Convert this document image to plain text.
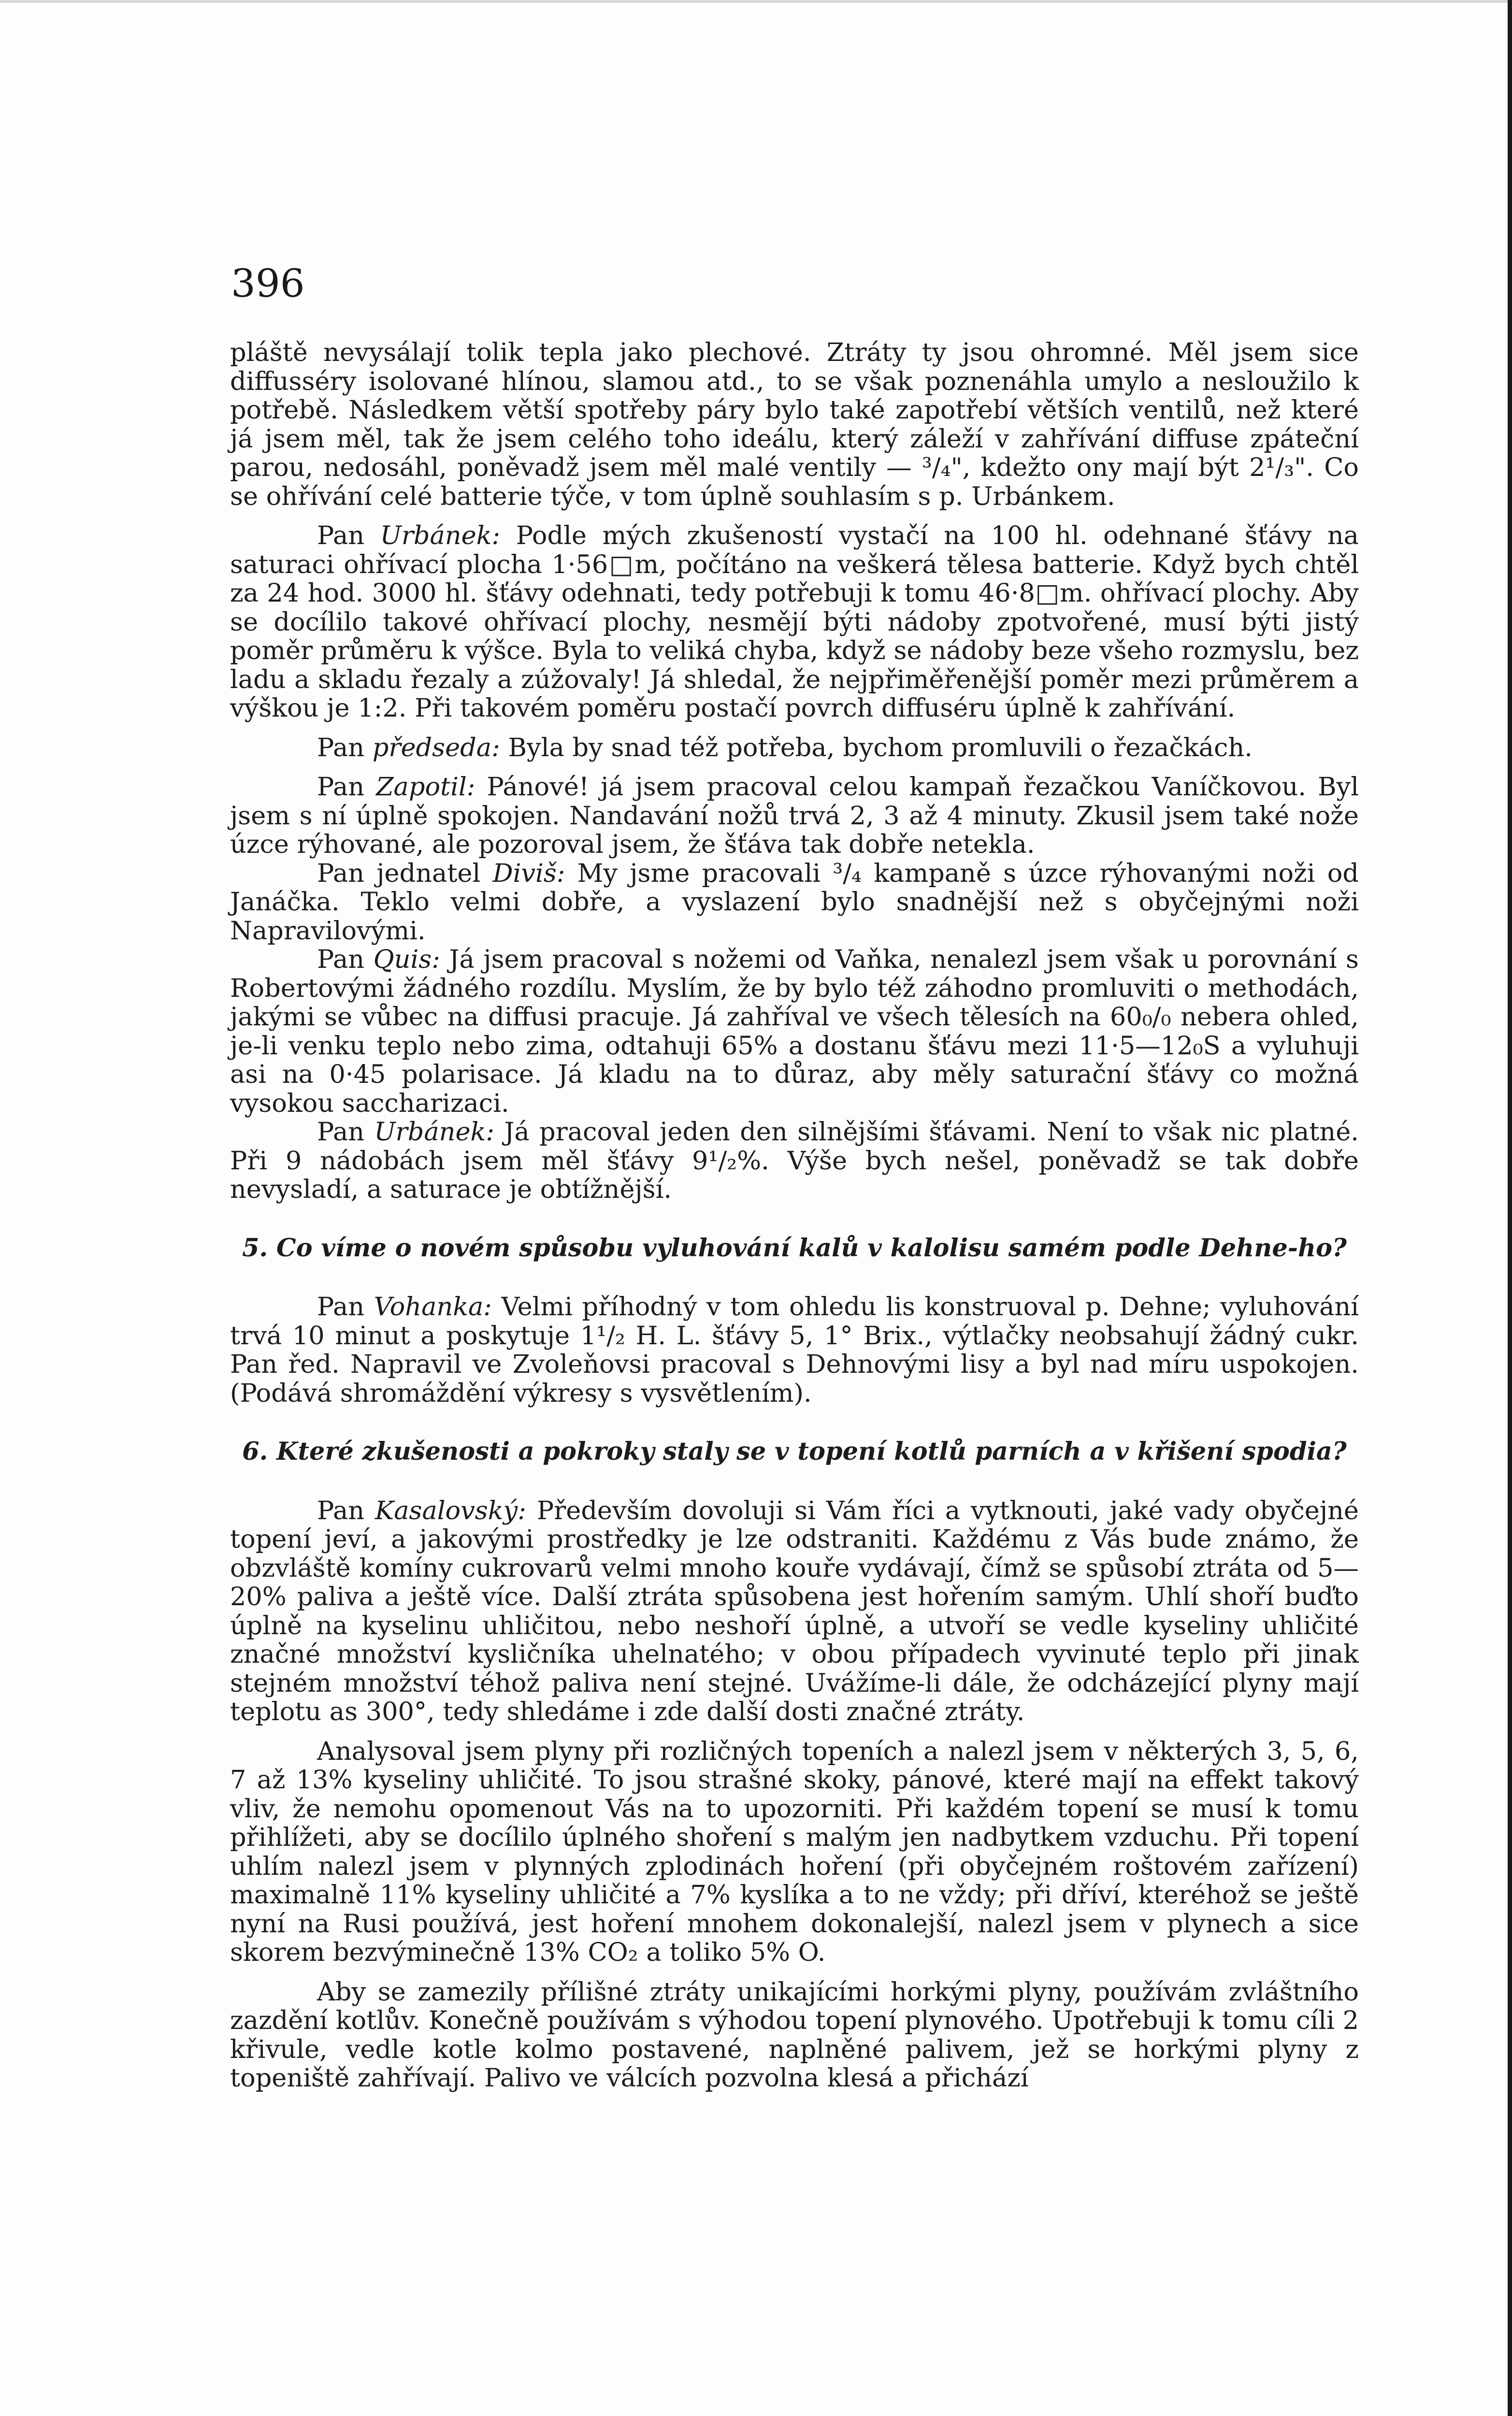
396

pláště nevysálají tolik tepla jako plechové. Ztráty ty jsou ohromné. Měl jsem sice diffusséry isolované hlínou, slamou atd., to se však poznenáhla umylo a nesloužilo k potřebě. Následkem větší spotřeby páry bylo také zapotřebí větších ventilů, než které já jsem měl, tak že jsem celého toho ideálu, který záleží v zahřívání diffuse zpáteční parou, nedosáhl, poněvadž jsem měl malé ventily — ³/₄", kdežto ony mají být 2¹/₃". Co se ohřívání celé batterie týče, v tom úplně souhlasím s p. Urbánkem.

Pan Urbánek: Podle mých zkušeností vystačí na 100 hl. odehnané šťávy na saturaci ohřívací plocha 1·56□m, počítáno na veškerá tělesa batterie. Když bych chtěl za 24 hod. 3000 hl. šťávy odehnati, tedy potřebuji k tomu 46·8□m. ohřívací plochy. Aby se docílilo takové ohřívací plochy, nesmějí býti nádoby zpotvořené, musí býti jistý poměr průměru k výšce. Byla to veliká chyba, když se nádoby beze všeho rozmyslu, bez ladu a skladu řezaly a zúžovaly! Já shledal, že nejpřiměřenější poměr mezi průměrem a výškou je 1:2. Při takovém poměru postačí povrch diffuséru úplně k zahřívání.

Pan předseda: Byla by snad též potřeba, bychom promluvili o řezačkách.

Pan Zapotil: Pánové! já jsem pracoval celou kampaň řezačkou Vaníčkovou. Byl jsem s ní úplně spokojen. Nandavání nožů trvá 2, 3 až 4 minuty. Zkusil jsem také nože úzce rýhované, ale pozoroval jsem, že šťáva tak dobře netekla.

Pan jednatel Diviš: My jsme pracovali ³/₄ kampaně s úzce rýhovanými noži od Janáčka. Teklo velmi dobře, a vyslazení bylo snadnější než s obyčejnými noži Napravilovými.

Pan Quis: Já jsem pracoval s nožemi od Vaňka, nenalezl jsem však u porovnání s Robertovými žádného rozdílu. Myslím, že by bylo též záhodno promluviti o methodách, jakými se vůbec na diffusi pracuje. Já zahříval ve všech tělesích na 60₀/₀ nebera ohled, je-li venku teplo nebo zima, odtahuji 65% a dostanu šťávu mezi 11·5—12₀S a vyluhuji asi na 0·45 polarisace. Já kladu na to důraz, aby měly saturační šťávy co možná vysokou saccharizaci.

Pan Urbánek: Já pracoval jeden den silnějšími šťávami. Není to však nic platné. Při 9 nádobách jsem měl šťávy 9¹/₂%. Výše bych nešel, poněvadž se tak dobře nevysladí, a saturace je obtížnější.

5. Co víme o novém spůsobu vyluhování kalů v kalolisu samém podle Dehne-ho?

Pan Vohanka: Velmi příhodný v tom ohledu lis konstruoval p. Dehne; vyluhování trvá 10 minut a poskytuje 1¹/₂ H. L. šťávy 5, 1° Brix., výtlačky neobsahují žádný cukr. Pan řed. Napravil ve Zvoleňovsi pracoval s Dehnovými lisy a byl nad míru uspokojen. (Podává shromáždění výkresy s vysvětlením).

6. Které zkušenosti a pokroky staly se v topení kotlů parních a v křišení spodia?

Pan Kasalovský: Především dovoluji si Vám říci a vytknouti, jaké vady obyčejné topení jeví, a jakovými prostředky je lze odstraniti. Každému z Vás bude známo, že obzvláště komíny cukrovarů velmi mnoho kouře vydávají, čímž se spůsobí ztráta od 5—20% paliva a ještě více. Další ztráta spůsobena jest hořením samým. Uhlí shoří buďto úplně na kyselinu uhličitou, nebo neshoří úplně, a utvoří se vedle kyseliny uhličité značné množství kysličníka uhelnatého; v obou případech vyvinuté teplo při jinak stejném množství téhož paliva není stejné. Uvážíme-li dále, že odcházející plyny mají teplotu as 300°, tedy shledáme i zde další dosti značné ztráty.

Analysoval jsem plyny při rozličných topeních a nalezl jsem v některých 3, 5, 6, 7 až 13% kyseliny uhličité. To jsou strašné skoky, pánové, které mají na effekt takový vliv, že nemohu opomenout Vás na to upozorniti. Při každém topení se musí k tomu přihlížeti, aby se docílilo úplného shoření s malým jen nadbytkem vzduchu. Při topení uhlím nalezl jsem v plynných zplodinách hoření (při obyčejném roštovém zařízení) maximalně 11% kyseliny uhličité a 7% kyslíka a to ne vždy; při dříví, kteréhož se ještě nyní na Rusi používá, jest hoření mnohem dokonalejší, nalezl jsem v plynech a sice skorem bezvýminečně 13% CO₂ a toliko 5% O.

Aby se zamezily přílišné ztráty unikajícími horkými plyny, používám zvláštního zazdění kotlův. Konečně používám s výhodou topení plynového. Upotřebuji k tomu cíli 2 křivule, vedle kotle kolmo postavené, naplněné palivem, jež se horkými plyny z topeniště zahřívají. Palivo ve válcích pozvolna klesá a přichází
